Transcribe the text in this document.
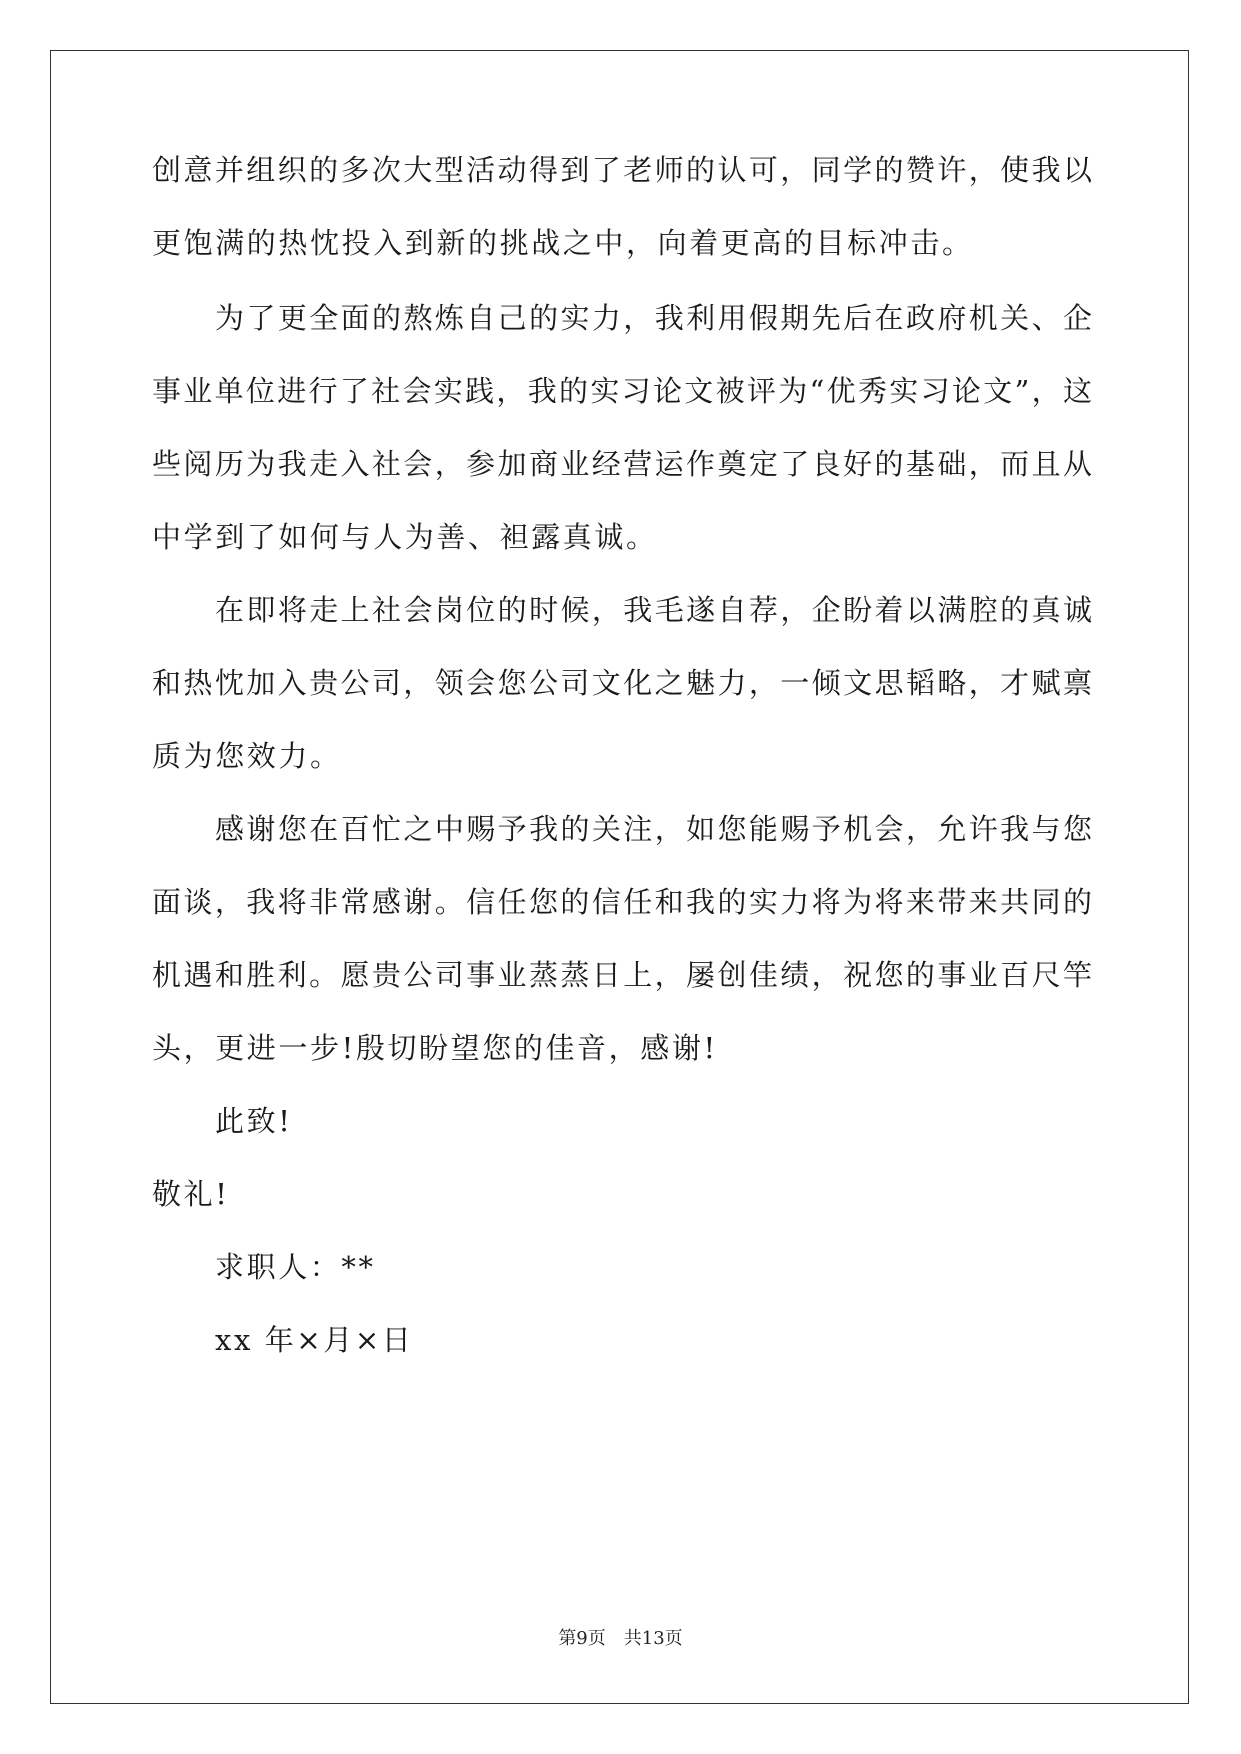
创意并组织的多次大型活动得到了老师的认可，同学的赞许，使我以
更饱满的热忱投入到新的挑战之中，向着更高的目标冲击。
为了更全面的熬炼自己的实力，我利用假期先后在政府机关、企
事业单位进行了社会实践，我的实习论文被评为“优秀实习论文”，这
些阅历为我走入社会，参加商业经营运作奠定了良好的基础，而且从
中学到了如何与人为善、袒露真诚。
在即将走上社会岗位的时候，我毛遂自荐，企盼着以满腔的真诚
和热忱加入贵公司，领会您公司文化之魅力，一倾文思韬略，才赋禀
质为您效力。
感谢您在百忙之中赐予我的关注，如您能赐予机会，允许我与您
面谈，我将非常感谢。信任您的信任和我的实力将为将来带来共同的
机遇和胜利。愿贵公司事业蒸蒸日上，屡创佳绩，祝您的事业百尺竿
头，更进一步!殷切盼望您的佳音，感谢!
此致!
敬礼!
求职人：**
xx 年×月×日
第9页　共13页
